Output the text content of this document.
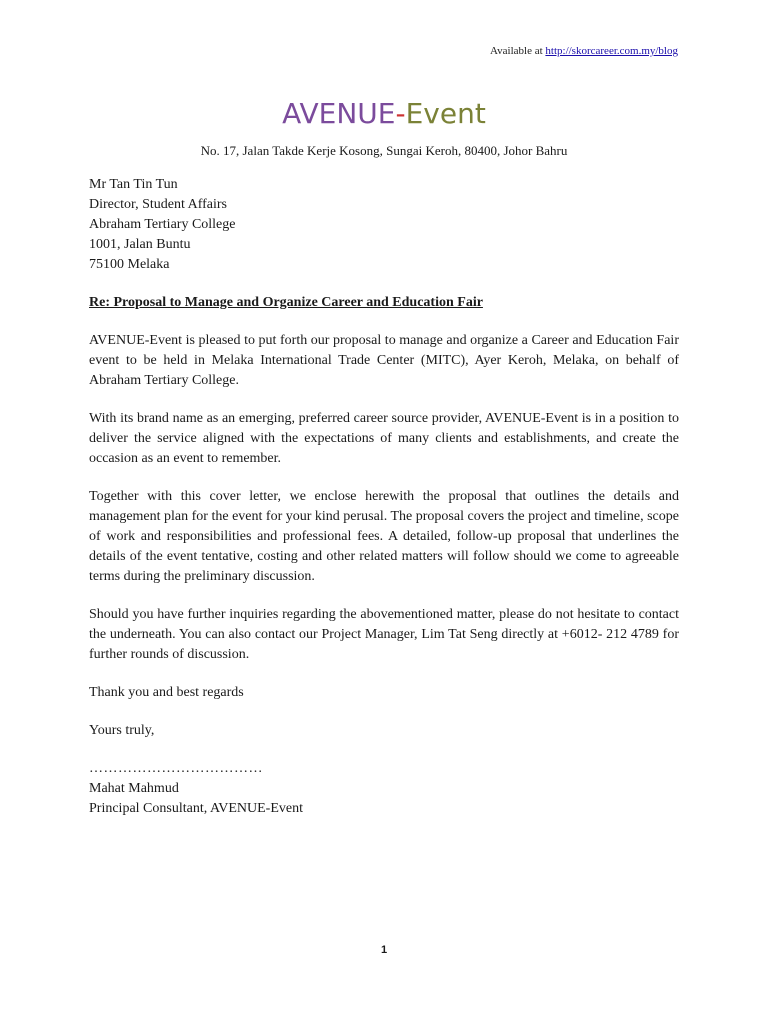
Available at http://skorcareer.com.my/blog
AVENUE-Event
No. 17, Jalan Takde Kerje Kosong, Sungai Keroh, 80400, Johor Bahru
Mr Tan Tin Tun
Director, Student Affairs
Abraham Tertiary College
1001, Jalan Buntu
75100 Melaka
Re: Proposal to Manage and Organize Career and Education Fair
AVENUE-Event is pleased to put forth our proposal to manage and organize a Career and Education Fair event to be held in Melaka International Trade Center (MITC), Ayer Keroh, Melaka, on behalf of Abraham Tertiary College.
With its brand name as an emerging, preferred career source provider, AVENUE-Event is in a position to deliver the service aligned with the expectations of many clients and establishments, and create the occasion as an event to remember.
Together with this cover letter, we enclose herewith the proposal that outlines the details and management plan for the event for your kind perusal. The proposal covers the project and timeline, scope of work and responsibilities and professional fees. A detailed, follow-up proposal that underlines the details of the event tentative, costing and other related matters will follow should we come to agreeable terms during the preliminary discussion.
Should you have further inquiries regarding the abovementioned matter, please do not hesitate to contact the underneath. You can also contact our Project Manager, Lim Tat Seng directly at +6012- 212 4789 for further rounds of discussion.
Thank you and best regards
Yours truly,
………………………………
Mahat Mahmud
Principal Consultant, AVENUE-Event
1
